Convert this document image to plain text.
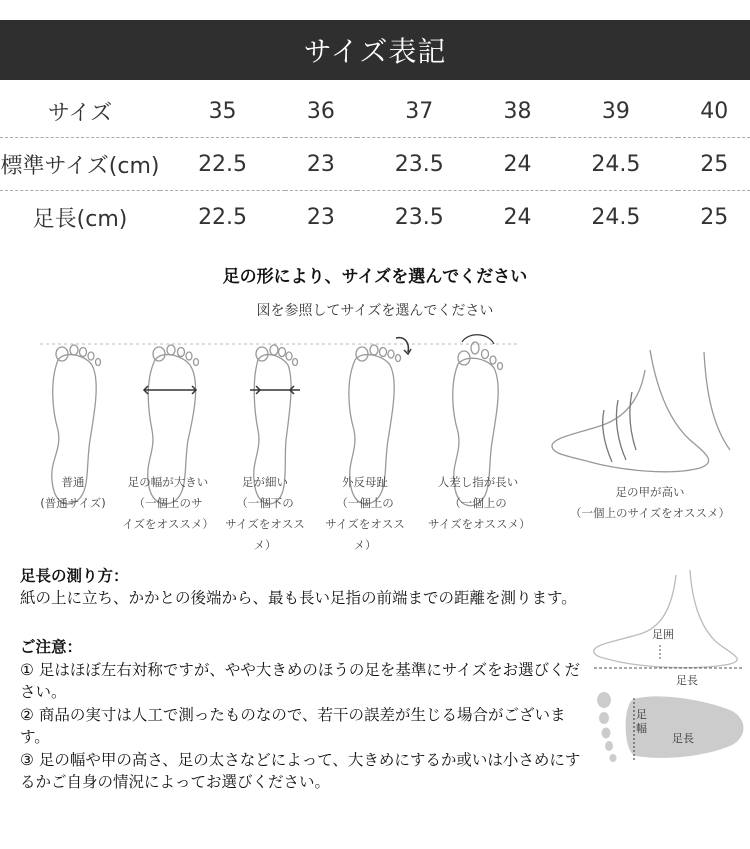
サイズ表記
サイズ	35	36	37	38	39	40

標準サイズ(cm)	22.5	23	23.5	24	24.5	25

足長(cm)	22.5	23	23.5	24	24.5	25
足の形により、サイズを選んでください
図を参照してサイズを選んでください
普通
(普通サイズ)
足の幅が大きい
（一個上のサ
イズをオススメ）
足が細い
（一個下の
サイズをオススメ）
外反母趾
（一個上の
サイズをオススメ）
人差し指が長い
（一個上の
サイズをオススメ）
足の甲が高い
（一個上のサイズをオススメ）
足長の測り方：
紙の上に立ち、かかとの後端から、最も長い足指の前端までの距離を測ります。
ご注意：
① 足はほぼ左右対称ですが、やや大きめのほうの足を基準にサイズをお選びください。
② 商品の実寸は人工で測ったものなので、若干の誤差が生じる場合がございます。
③ 足の幅や甲の高さ、足の太さなどによって、大きめにするか或いは小さめにするかご自身の情況によってお選びください。
足囲
足長
足
幅
足長
